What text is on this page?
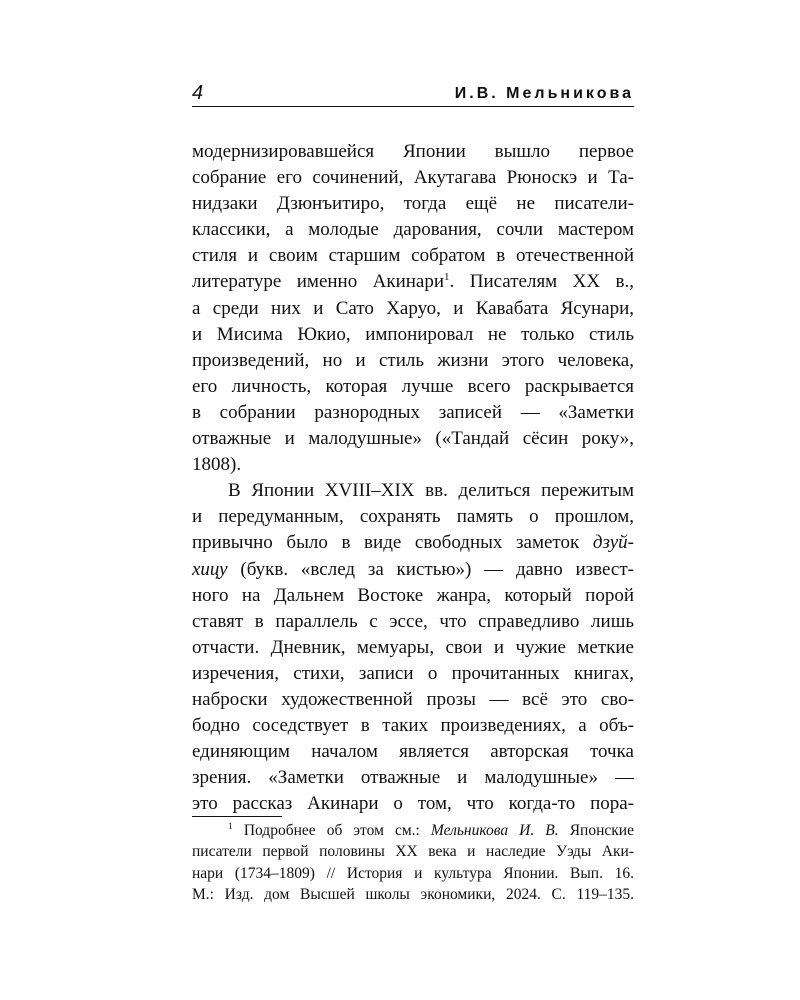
4	И.В. Мельникова
модернизировавшейся Японии вышло первое
собрание его сочинений, Акутагава Рюноскэ и Та-
нидзаки Дзюнъитиро, тогда ещё не писатели-
классики, а молодые дарования, сочли мастером
стиля и своим старшим собратом в отечественной
литературе именно Акинари$^1$. Писателям XX в.,
а среди них и Сато Харуо, и Кавабата Ясунари,
и Мисима Юкио, импонировал не только стиль
произведений, но и стиль жизни этого человека,
его личность, которая лучше всего раскрывается
в собрании разнородных записей — «Заметки
отважные и малодушные» («Тандай сёсин року»,
1808).
В Японии XVIII–XIX вв. делиться пережитым
и передуманным, сохранять память о прошлом,
привычно было в виде свободных заметок дзуй-
хицу (букв. «вслед за кистью») — давно извест-
ного на Дальнем Востоке жанра, который порой
ставят в параллель с эссе, что справедливо лишь
отчасти. Дневник, мемуары, свои и чужие меткие
изречения, стихи, записи о прочитанных книгах,
наброски художественной прозы — всё это сво-
бодно соседствует в таких произведениях, а объ-
единяющим началом является авторская точка
зрения. «Заметки отважные и малодушные» —
это рассказ Акинари о том, что когда-то пора-
$^1$ Подробнее об этом см.: Мельникова И. В. Японские
писатели первой половины XX века и наследие Уэды Аки-
нари (1734–1809) // История и культура Японии. Вып. 16.
М.: Изд. дом Высшей школы экономики, 2024. С. 119–135.
